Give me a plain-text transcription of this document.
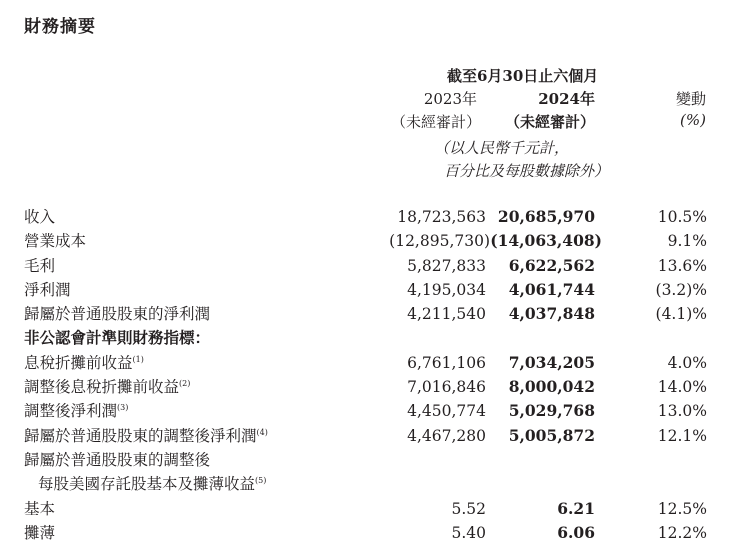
財務摘要
截至6月30日止六個月
2023年	2024年	變動
（未經審計） （未經審計）	(%)
（以人民幣千元計，
百分比及每股數據除外）
收入	18,723,563 20,685,970	10.5%
營業成本	(12,895,730) (14,063,408)	9.1%
毛利	5,827,833 6,622,562	13.6%
淨利潤	4,195,034 4,061,744	(3.2)%
歸屬於普通股股東的淨利潤	4,211,540 4,037,848	(4.1)%
非公認會計準則財務指標：
息稅折攤前收益$^{(1)}$	6,761,106 7,034,205	4.0%
調整後息稅折攤前收益$^{(2)}$	7,016,846 8,000,042	14.0%
調整後淨利潤$^{(3)}$	4,450,774 5,029,768	13.0%
歸屬於普通股股東的調整後淨利潤$^{(4)}$	4,467,280 5,005,872	12.1%
歸屬於普通股股東的調整後
每股美國存託股基本及攤薄收益$^{(5)}$
基本	5.52	6.21	12.5%
攤薄	5.40	6.06	12.2%
